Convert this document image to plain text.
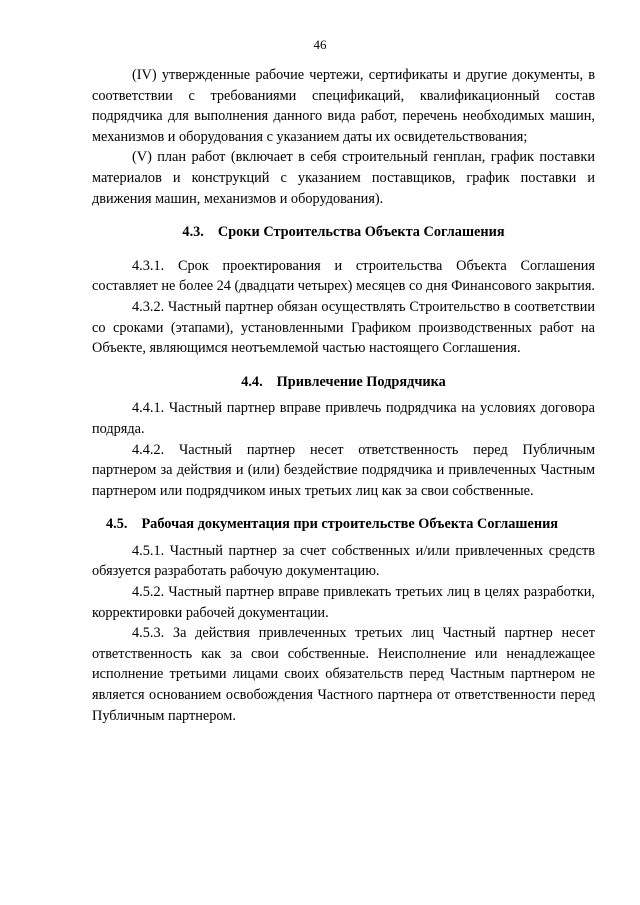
46

(IV) утвержденные рабочие чертежи, сертификаты и другие документы, в соответствии с требованиями спецификаций, квалификационный состав подрядчика для выполнения данного вида работ, перечень необходимых машин, механизмов и оборудования с указанием даты их освидетельствования;

(V) план работ (включает в себя строительный генплан, график поставки материалов и конструкций с указанием поставщиков, график поставки и движения машин, механизмов и оборудования).

4.3. Сроки Строительства Объекта Соглашения

4.3.1. Срок проектирования и строительства Объекта Соглашения составляет не более 24 (двадцати четырех) месяцев со дня Финансового закрытия.

4.3.2. Частный партнер обязан осуществлять Строительство в соответствии со сроками (этапами), установленными Графиком производственных работ на Объекте, являющимся неотъемлемой частью настоящего Соглашения.

4.4. Привлечение Подрядчика

4.4.1. Частный партнер вправе привлечь подрядчика на условиях договора подряда.

4.4.2. Частный партнер несет ответственность перед Публичным партнером за действия и (или) бездействие подрядчика и привлеченных Частным партнером или подрядчиком иных третьих лиц как за свои собственные.

4.5. Рабочая документация при строительстве Объекта Соглашения

4.5.1. Частный партнер за счет собственных и/или привлеченных средств обязуется разработать рабочую документацию.

4.5.2. Частный партнер вправе привлекать третьих лиц в целях разработки, корректировки рабочей документации.

4.5.3. За действия привлеченных третьих лиц Частный партнер несет ответственность как за свои собственные. Неисполнение или ненадлежащее исполнение третьими лицами своих обязательств перед Частным партнером не является основанием освобождения Частного партнера от ответственности перед Публичным партнером.
